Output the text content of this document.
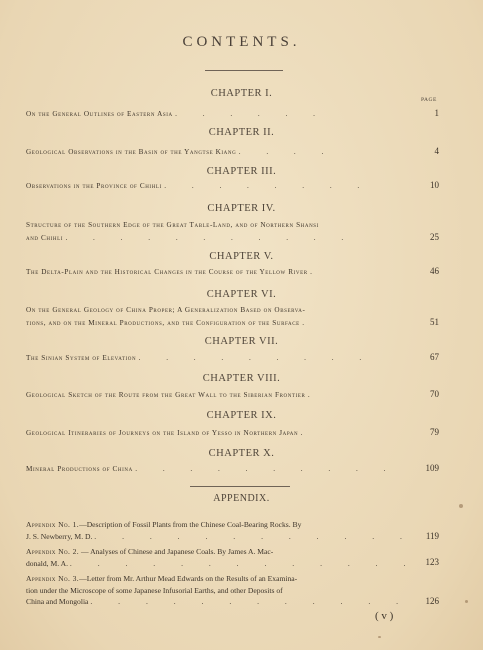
CONTENTS.
PAGE
CHAPTER I.
On the General Outlines of Eastern Asia . . . . . .	1
CHAPTER II.
Geological Observations in the Basin of the Yangtse Kiang . . . .	4
CHAPTER III.
Observations in the Province of Chihli . . . . . . . .	10
CHAPTER IV.
Structure of the Southern Edge of the Great Table-Land, and of Northern Shansi
and Chihli . . . . . . . . . . .	25
CHAPTER V.
The Delta-Plain and the Historical Changes in the Course of the Yellow River .	46
CHAPTER VI.
On the General Geology of China Proper; A Generalization Based on Observa-
tions, and on the Mineral Productions, and the Configuration of the Surface .	51
CHAPTER VII.
The Sinian System of Elevation . . . . . . . . .	67
CHAPTER VIII.
Geological Sketch of the Route from the Great Wall to the Siberian Frontier .	70
CHAPTER IX.
Geological Itineraries of Journeys on the Island of Yesso in Northern Japan .	79
CHAPTER X.
Mineral Productions of China . . . . . . . . . .	109
APPENDIX.
Appendix No. 1.—Description of Fossil Plants from the Chinese Coal-Bearing Rocks. By
J. S. Newberry, M. D. . . . . . . . . . . . .	119
Appendix No. 2. — Analyses of Chinese and Japanese Coals. By James A. Mac-
donald, M. A. . . . . . . . . . . . . . 123
Appendix No. 3.—Letter from Mr. Arthur Mead Edwards on the Results of an Examina-
tion under the Microscope of some Japanese Infusorial Earths, and other Deposits of
China and Mongolia . . . . . . . . . . . .	126
( v )
